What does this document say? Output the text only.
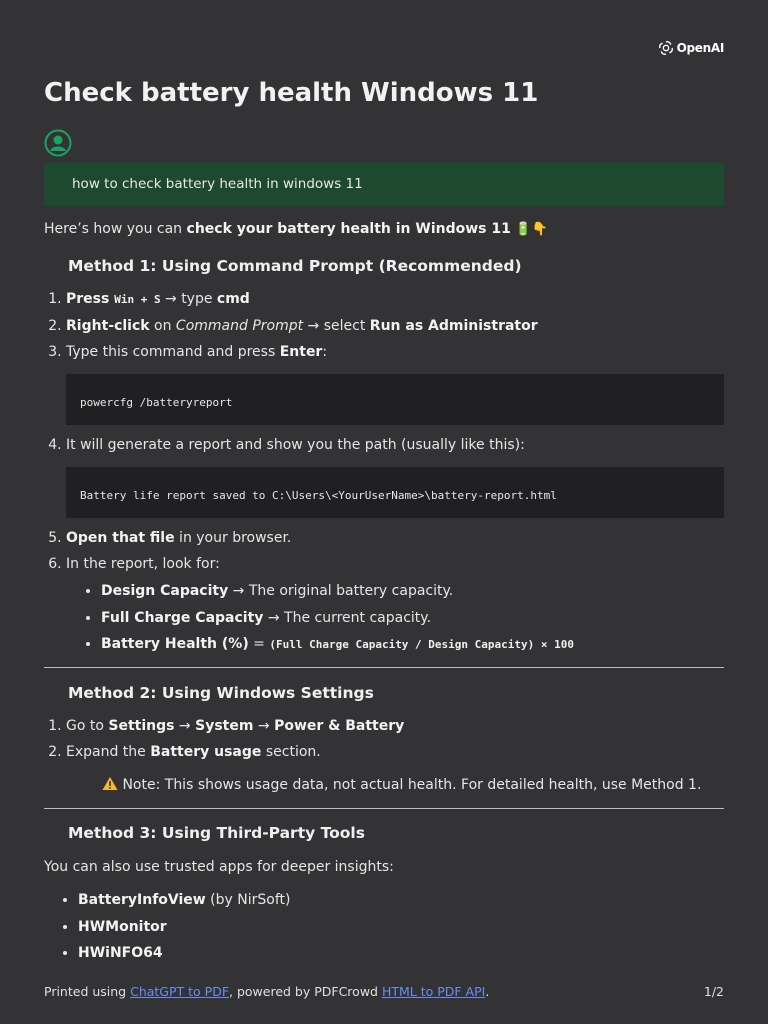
OpenAI
Check battery health Windows 11
how to check battery health in windows 11

Here’s how you can check your battery health in Windows 11 🔋👇

Method 1: Using Command Prompt (Recommended)
1. Press Win + S → type cmd
2. Right-click on Command Prompt → select Run as Administrator
3. Type this command and press Enter:
powercfg /batteryreport
4. It will generate a report and show you the path (usually like this):
Battery life report saved to C:\Users\<YourUserName>\battery-report.html
5. Open that file in your browser.
6. In the report, look for:
• Design Capacity → The original battery capacity.
• Full Charge Capacity → The current capacity.
• Battery Health (%) = (Full Charge Capacity / Design Capacity) × 100
Method 2: Using Windows Settings
1. Go to Settings → System → Power & Battery
2. Expand the Battery usage section.

Note: This shows usage data, not actual health. For detailed health, use Method 1.

Method 3: Using Third-Party Tools

You can also use trusted apps for deeper insights:

• BatteryInfoView (by NirSoft)
• HWMonitor
• HWiNFO64
Printed using ChatGPT to PDF, powered by PDFCrowd HTML to PDF API.	1/2
